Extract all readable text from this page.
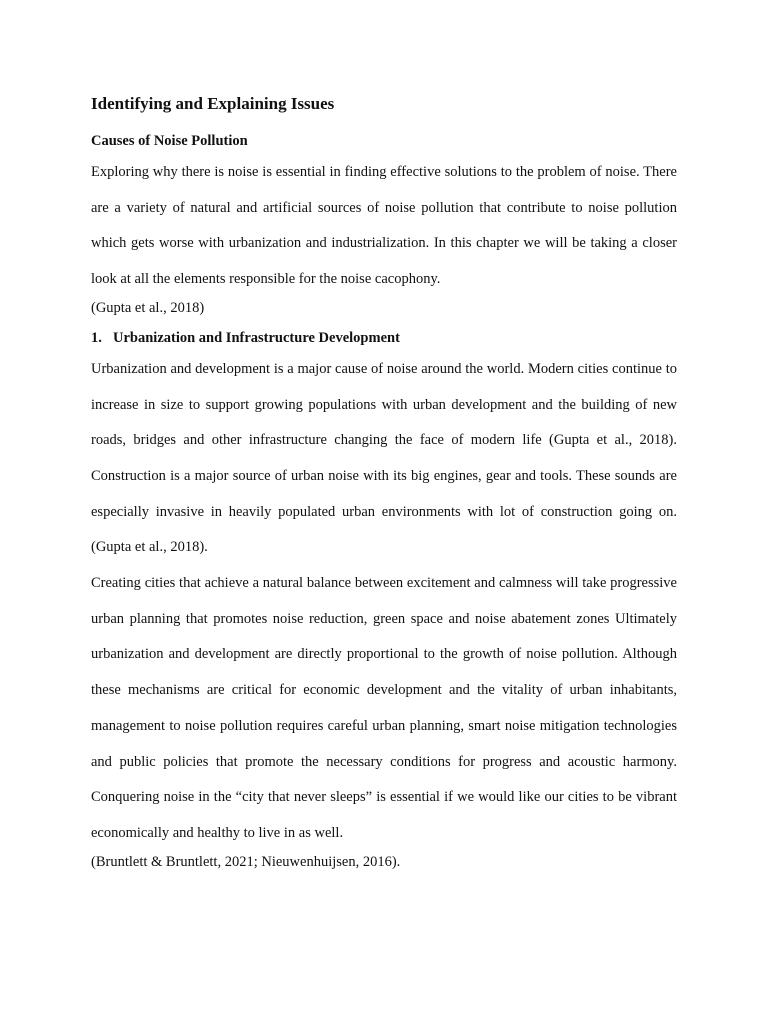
Identifying and Explaining Issues
Causes of Noise Pollution

Exploring why there is noise is essential in finding effective solutions to the problem of noise. There are a variety of natural and artificial sources of noise pollution that contribute to noise pollution which gets worse with urbanization and industrialization. In this chapter we will be taking a closer look at all the elements responsible for the noise cacophony.

(Gupta et al., 2018)
1. Urbanization and Infrastructure Development

Urbanization and development is a major cause of noise around the world. Modern cities continue to increase in size to support growing populations with urban development and the building of new roads, bridges and other infrastructure changing the face of modern life (Gupta et al., 2018). Construction is a major source of urban noise with its big engines, gear and tools. These sounds are especially invasive in heavily populated urban environments with lot of construction going on. (Gupta et al., 2018).

Creating cities that achieve a natural balance between excitement and calmness will take progressive urban planning that promotes noise reduction, green space and noise abatement zones Ultimately urbanization and development are directly proportional to the growth of noise pollution. Although these mechanisms are critical for economic development and the vitality of urban inhabitants, management to noise pollution requires careful urban planning, smart noise mitigation technologies and public policies that promote the necessary conditions for progress and acoustic harmony. Conquering noise in the “city that never sleeps” is essential if we would like our cities to be vibrant economically and healthy to live in as well.

(Bruntlett & Bruntlett, 2021; Nieuwenhuijsen, 2016).
